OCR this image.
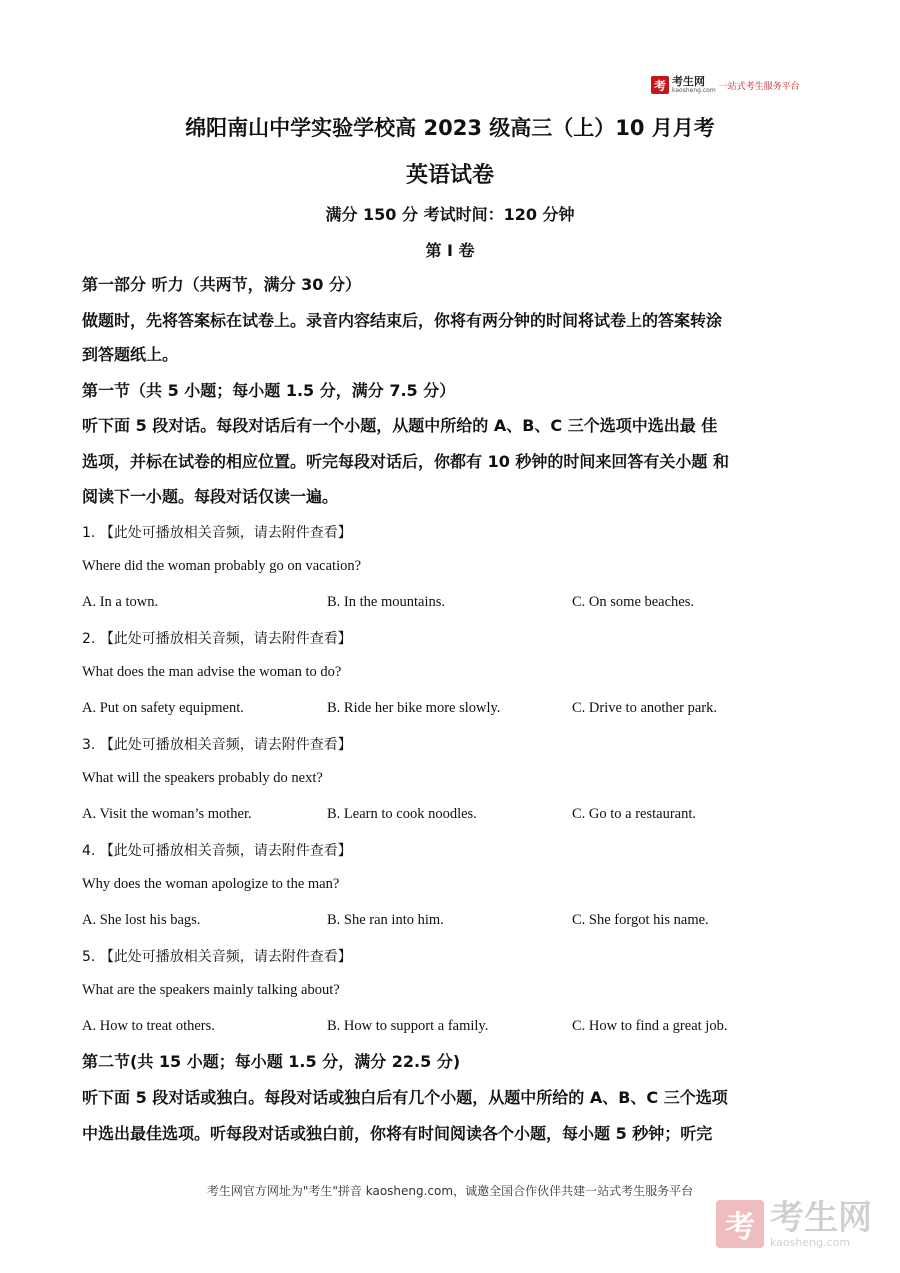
考 考生网
kaosheng.com 一站式考生服务平台
绵阳南山中学实验学校高 2023 级高三（上）10 月月考
英语试卷
满分 150 分 考试时间：120 分钟
第 I 卷
第一部分 听力（共两节，满分 30 分）
做题时，先将答案标在试卷上。录音内容结束后，你将有两分钟的时间将试卷上的答案转涂
到答题纸上。
第一节（共 5 小题；每小题 1.5 分，满分 7.5 分）
听下面 5 段对话。每段对话后有一个小题，从题中所给的 A、B、C 三个选项中选出最 佳
选项，并标在试卷的相应位置。听完每段对话后，你都有 10 秒钟的时间来回答有关小题 和
阅读下一小题。每段对话仅读一遍。
1. 【此处可播放相关音频，请去附件查看】
Where did the woman probably go on vacation?
A. In a town.	B. In the mountains.	C. On some beaches.
2. 【此处可播放相关音频，请去附件查看】
What does the man advise the woman to do?
A. Put on safety equipment.	B. Ride her bike more slowly.	C. Drive to another park.
3. 【此处可播放相关音频，请去附件查看】
What will the speakers probably do next?
A. Visit the woman’s mother.	B. Learn to cook noodles.	C. Go to a restaurant.
4. 【此处可播放相关音频，请去附件查看】
Why does the woman apologize to the man?
A. She lost his bags.	B. She ran into him.	C. She forgot his name.
5. 【此处可播放相关音频，请去附件查看】
What are the speakers mainly talking about?
A. How to treat others.	B. How to support a family.	C. How to find a great job.
第二节(共 15 小题；每小题 1.5 分，满分 22.5 分)
听下面 5 段对话或独白。每段对话或独白后有几个小题，从题中所给的 A、B、C 三个选项
中选出最佳选项。听每段对话或独白前，你将有时间阅读各个小题，每小题 5 秒钟；听完
考生网官方网址为"考生"拼音 kaosheng.com，诚邀全国合作伙伴共建一站式考生服务平台
考 考生网
kaosheng.com
